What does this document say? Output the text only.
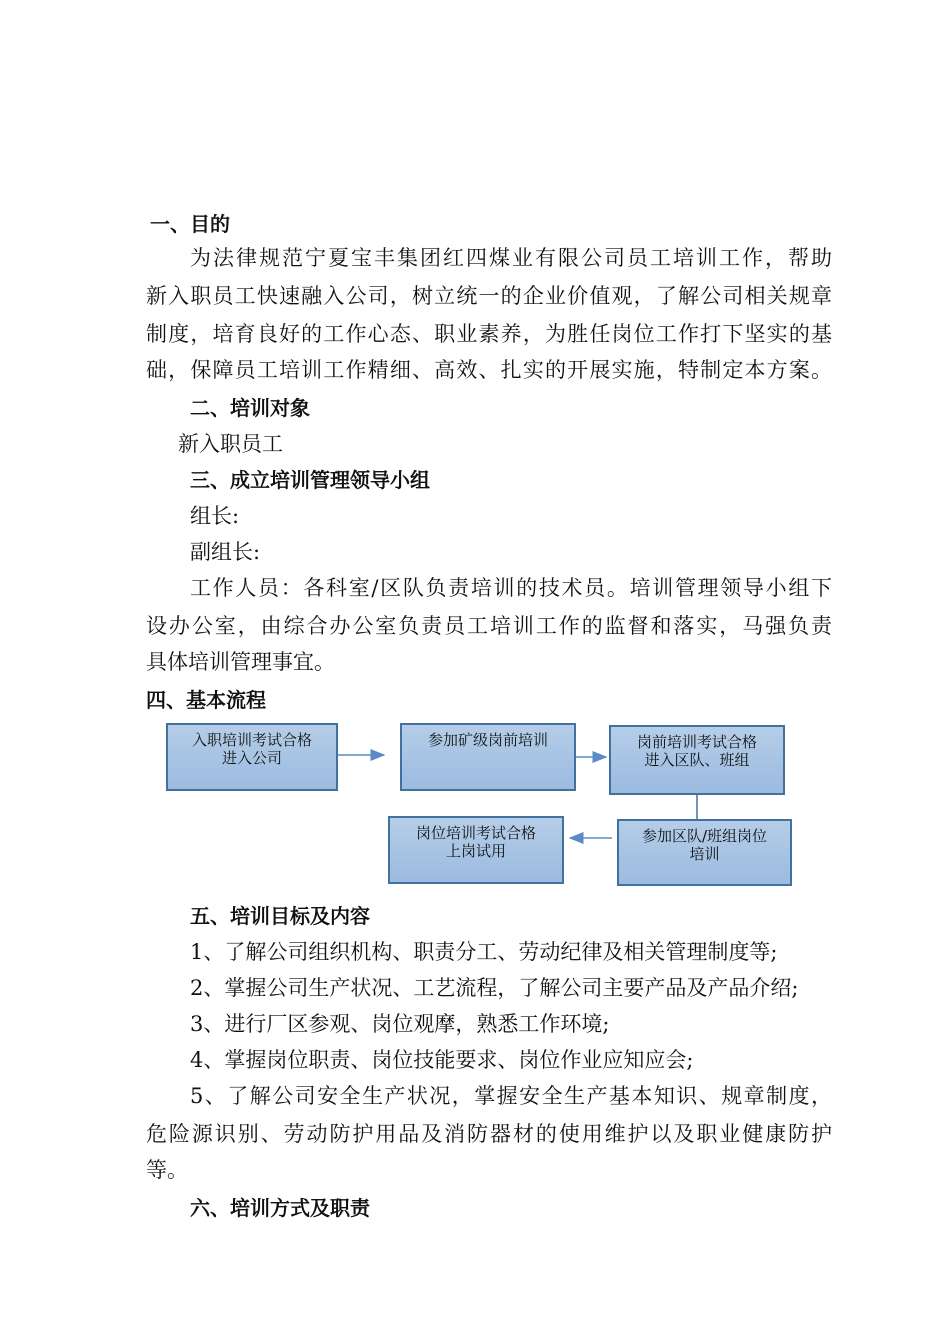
一、目的
为法律规范宁夏宝丰集团红四煤业有限公司员工培训工作，帮助
新入职员工快速融入公司，树立统一的企业价值观，了解公司相关规章
制度，培育良好的工作心态、职业素养，为胜任岗位工作打下坚实的基
础，保障员工培训工作精细、高效、扎实的开展实施，特制定本方案。
二、培训对象
新入职员工
三、成立培训管理领导小组
组长:
副组长:
工作人员：各科室/区队负责培训的技术员。培训管理领导小组下
设办公室，由综合办公室负责员工培训工作的监督和落实，马强负责
具体培训管理事宜。
四、基本流程
入职培训考试合格
进入公司
参加矿级岗前培训	岗前培训考试合格
进入区队、班组
参加区队/班组岗位
培训
岗位培训考试合格
上岗试用
五、培训目标及内容
1、了解公司组织机构、职责分工、劳动纪律及相关管理制度等;
2、掌握公司生产状况、工艺流程，了解公司主要产品及产品介绍;
3、进行厂区参观、岗位观摩，熟悉工作环境;
4、掌握岗位职责、岗位技能要求、岗位作业应知应会;
5、了解公司安全生产状况，掌握安全生产基本知识、规章制度，
危险源识别、劳动防护用品及消防器材的使用维护以及职业健康防护
等。
六、培训方式及职责
